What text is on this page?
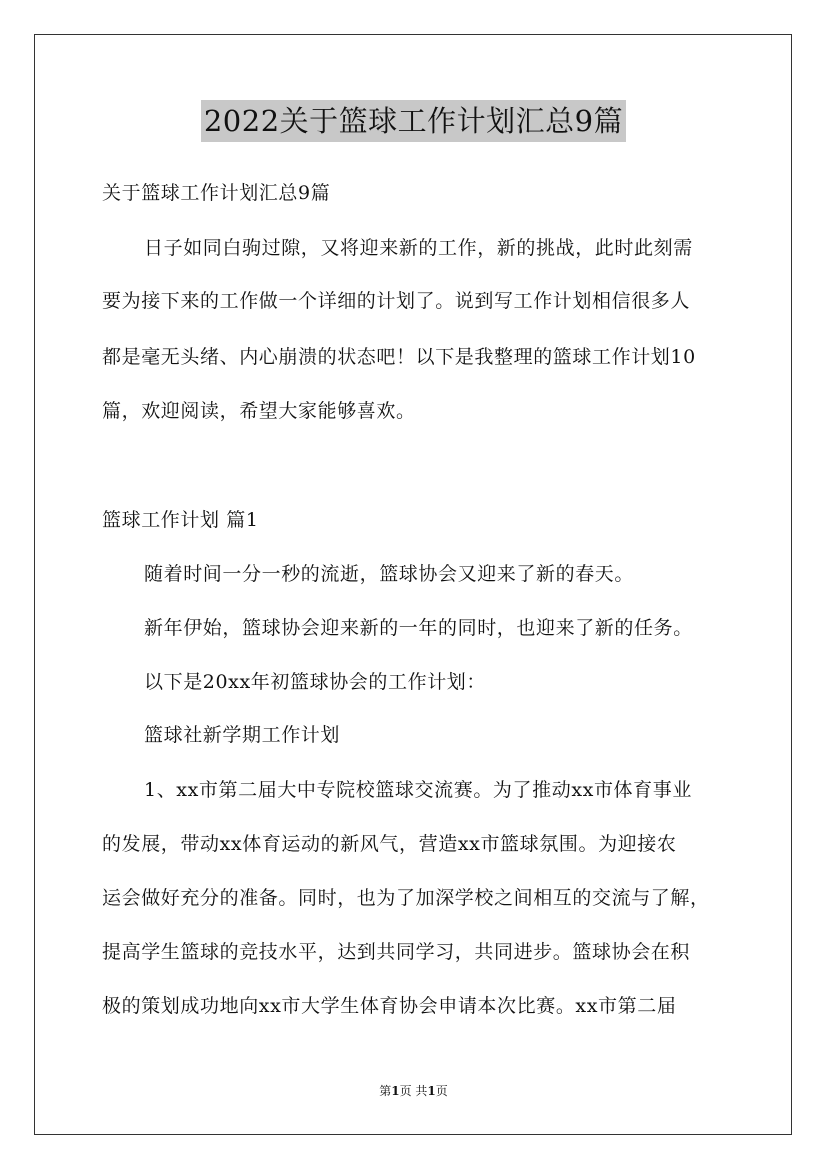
2022关于篮球工作计划汇总9篇
关于篮球工作计划汇总9篇
日子如同白驹过隙，又将迎来新的工作，新的挑战，此时此刻需
要为接下来的工作做一个详细的计划了。说到写工作计划相信很多人
都是毫无头绪、内心崩溃的状态吧！以下是我整理的篮球工作计划10
篇，欢迎阅读，希望大家能够喜欢。
篮球工作计划 篇1
随着时间一分一秒的流逝，篮球协会又迎来了新的春天。
新年伊始，篮球协会迎来新的一年的同时，也迎来了新的任务。
以下是20xx年初篮球协会的工作计划：
篮球社新学期工作计划
1、xx市第二届大中专院校篮球交流赛。为了推动xx市体育事业
的发展，带动xx体育运动的新风气，营造xx市篮球氛围。为迎接农
运会做好充分的准备。同时，也为了加深学校之间相互的交流与了解，
提高学生篮球的竞技水平，达到共同学习，共同进步。篮球协会在积
极的策划成功地向xx市大学生体育协会申请本次比赛。xx市第二届
第1页 共1页
